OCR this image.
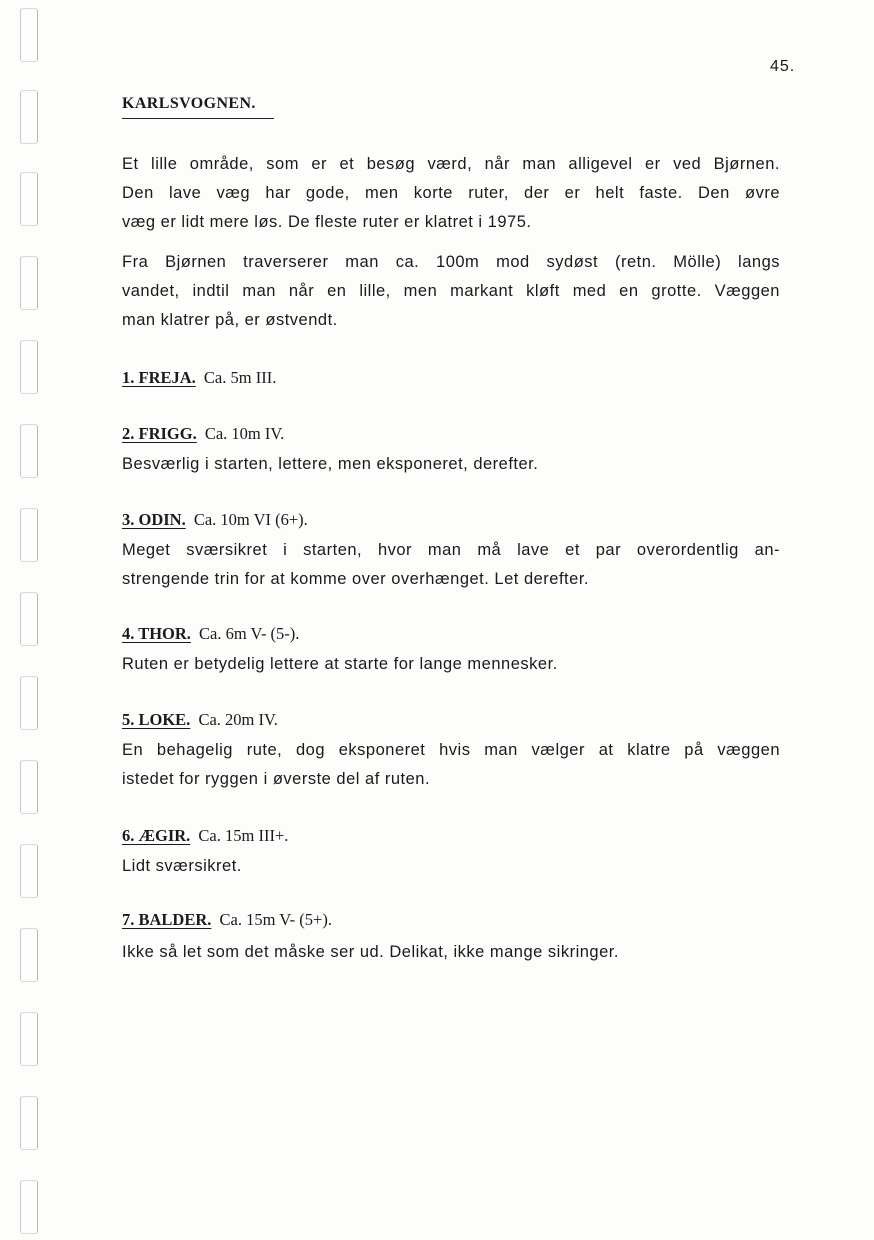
45.
KARLSVOGNEN.
Et lille område, som er et besøg værd, når man alligevel er ved Bjørnen.
Den lave væg har gode, men korte ruter, der er helt faste. Den øvre
væg er lidt mere løs. De fleste ruter er klatret i 1975.
Fra Bjørnen traverserer man ca. 100m mod sydøst (retn. Mölle) langs
vandet, indtil man når en lille, men markant kløft med en grotte. Væggen
man klatrer på, er østvendt.
1. FREJA. Ca. 5m III.
2. FRIGG. Ca. 10m IV.
Besværlig i starten, lettere, men eksponeret, derefter.
3. ODIN. Ca. 10m VI (6+).
Meget sværsikret i starten, hvor man må lave et par overordentlig an-
strengende trin for at komme over overhænget. Let derefter.
4. THOR. Ca. 6m V- (5-).
Ruten er betydelig lettere at starte for lange mennesker.
5. LOKE. Ca. 20m IV.
En behagelig rute, dog eksponeret hvis man vælger at klatre på væggen
istedet for ryggen i øverste del af ruten.
6. ÆGIR. Ca. 15m III+.
Lidt sværsikret.
7. BALDER. Ca. 15m V- (5+).
Ikke så let som det måske ser ud. Delikat, ikke mange sikringer.
